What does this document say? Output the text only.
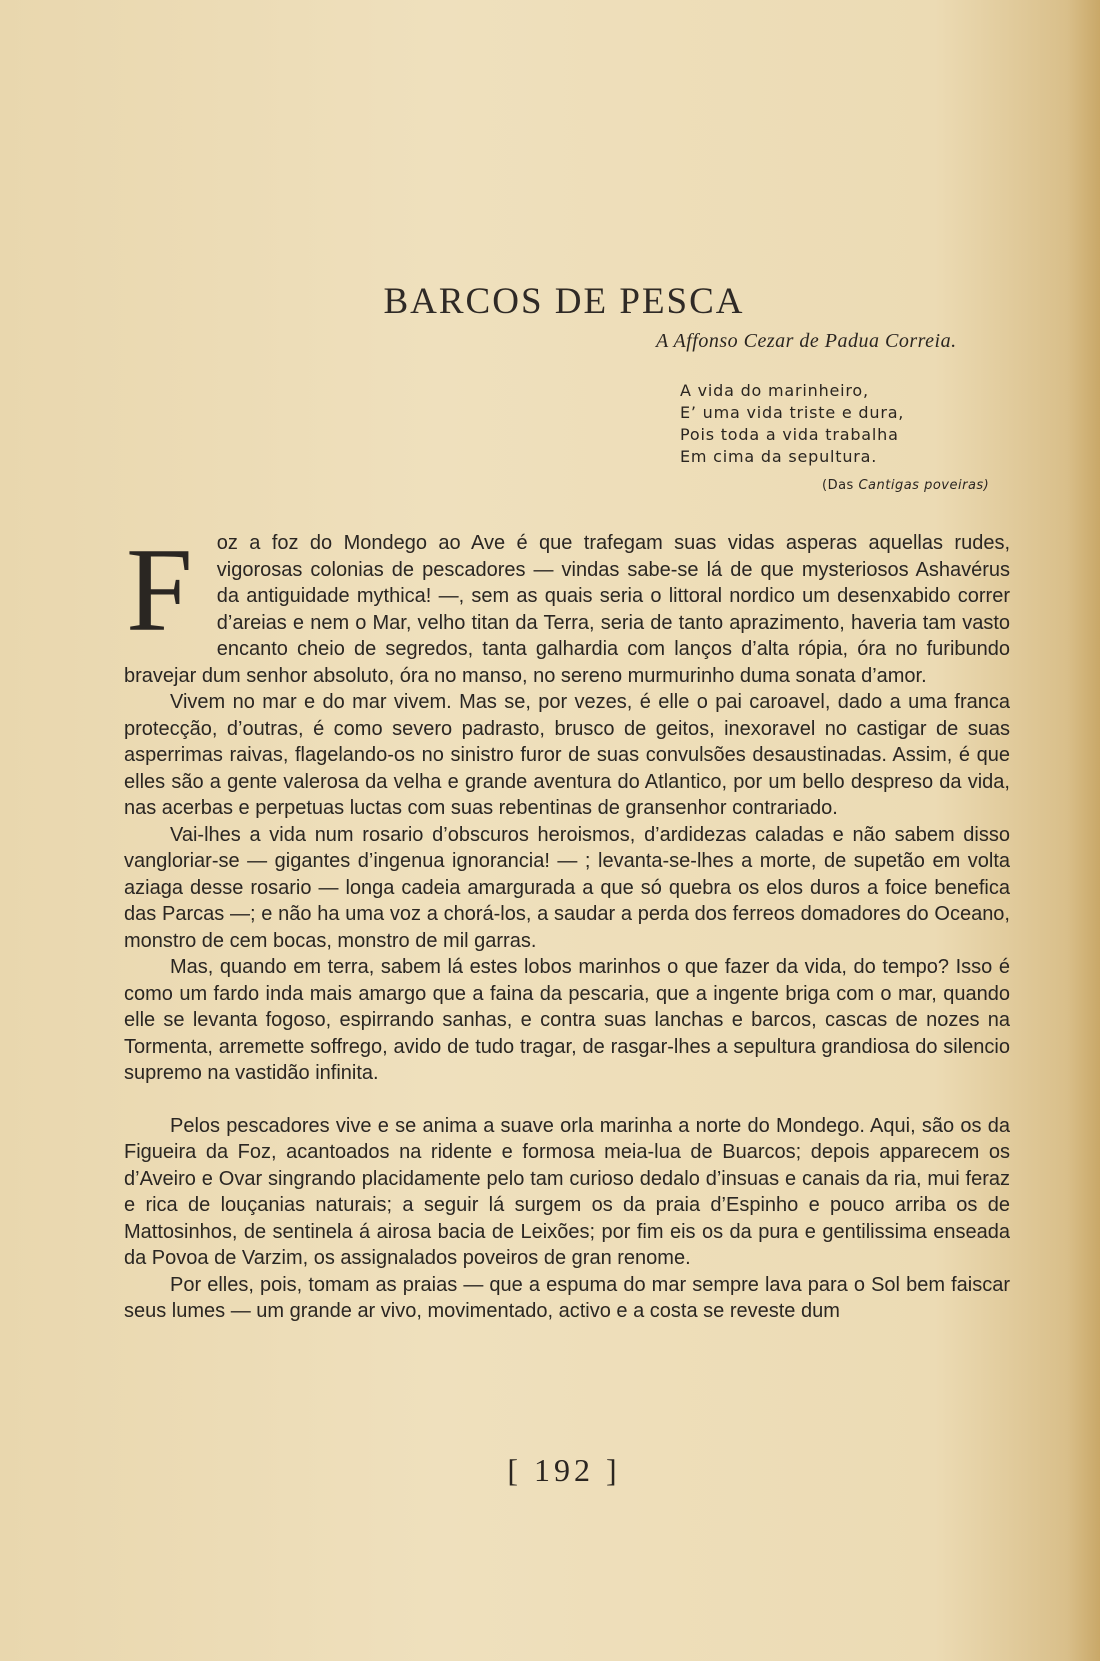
BARCOS DE PESCA
A Affonso Cezar de Padua Correia.
A vida do marinheiro,
E’ uma vida triste e dura,
Pois toda a vida trabalha
Em cima da sepultura.
(Das Cantigas poveiras)

F oz a foz do Mondego ao Ave é que trafegam suas vidas asperas aquellas rudes, vigorosas colonias de pescadores — vindas sabe-se lá de que mysteriosos Ashavérus da antiguidade mythica! —, sem as quais seria o littoral nordico um desenxabido correr d’areias e nem o Mar, velho titan da Terra, seria de tanto aprazimento, haveria tam vasto encanto cheio de segredos, tanta galhardia com lanços d’alta rópia, óra no furibundo bravejar dum senhor absoluto, óra no manso, no sereno murmurinho duma sonata d’amor.

Vivem no mar e do mar vivem. Mas se, por vezes, é elle o pai caroavel, dado a uma franca protecção, d’outras, é como severo padrasto, brusco de geitos, inexoravel no castigar de suas asperrimas raivas, flagelando-os no sinistro furor de suas convulsões desaustinadas. Assim, é que elles são a gente valerosa da velha e grande aventura do Atlantico, por um bello despreso da vida, nas acerbas e perpetuas luctas com suas rebentinas de gransenhor contrariado.

Vai-lhes a vida num rosario d’obscuros heroismos, d’ardidezas caladas e não sabem disso vangloriar-se — gigantes d’ingenua ignorancia! — ; levanta-se-lhes a morte, de supetão em volta aziaga desse rosario — longa cadeia amargurada a que só quebra os elos duros a foice benefica das Parcas —; e não ha uma voz a chorá-los, a saudar a perda dos ferreos domadores do Oceano, monstro de cem bocas, monstro de mil garras.

Mas, quando em terra, sabem lá estes lobos marinhos o que fazer da vida, do tempo? Isso é como um fardo inda mais amargo que a faina da pescaria, que a ingente briga com o mar, quando elle se levanta fogoso, espirrando sanhas, e contra suas lanchas e barcos, cascas de nozes na Tormenta, arremette soffrego, avido de tudo tragar, de rasgar-lhes a sepultura grandiosa do silencio supremo na vastidão infinita.

Pelos pescadores vive e se anima a suave orla marinha a norte do Mondego. Aqui, são os da Figueira da Foz, acantoados na ridente e formosa meia-lua de Buarcos; depois apparecem os d’Aveiro e Ovar singrando placidamente pelo tam curioso dedalo d’insuas e canais da ria, mui feraz e rica de louçanias naturais; a seguir lá surgem os da praia d’Espinho e pouco arriba os de Mattosinhos, de sentinela á airosa bacia de Leixões; por fim eis os da pura e gentilissima enseada da Povoa de Varzim, os assignalados poveiros de gran renome.

Por elles, pois, tomam as praias — que a espuma do mar sempre lava para o Sol bem faiscar seus lumes — um grande ar vivo, movimentado, activo e a costa se reveste dum

[ 192 ]
